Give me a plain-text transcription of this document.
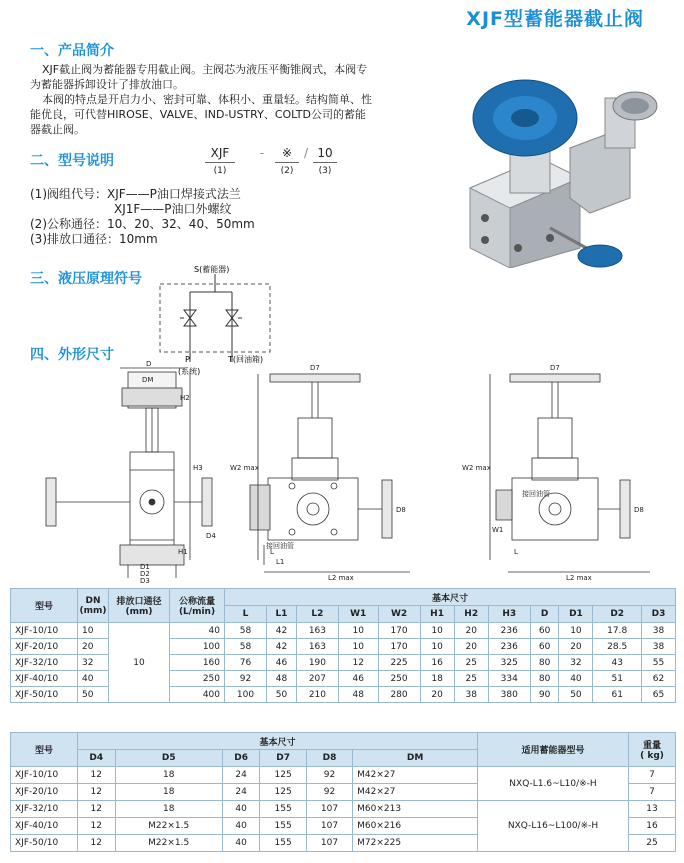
XJF型蓄能器截止阀
一、产品简介
XJF截止阀为蓄能器专用截止阀。主阀芯为液压平衡锥阀式，本阀专
为蓄能器拆卸设计了排放油口。
本阀的特点是开启力小、密封可靠、体积小、重量轻。结构简单、性
能优良，可代替HIROSE、VALVE、IND-USTRY、COLTD公司的蓄能
器截止阀。
二、型号说明	XJF	-	※ / 10
(1)	(2)	(3)
(1)阀组代号：XJF——P油口焊接式法兰
XJ1F——P油口外螺纹
(2)公称通径：10、20、32、40、50mm
(3)排放口通径：10mm
三、液压原理符号
S(蓄能器)
P
(系统)
T(回油箱)
四、外形尺寸
D
DM
H2
H3
H1
D1
D2
D3
D4
D7
W2 max
D8
L
L1
L2 max
接回油管
D7
W2 max
W1
D8
L
L2 max
接回油管
型号	DN
(mm)	排放口通径
(mm)	公称流量
(L/min)	基本尺寸											
				L	L1	L2	W1	W2	H1	H2	H3	D	D1	D2	D3
XJF-10/10	10	10	40	58	42	163	10	170	10	20	236	60	10	17.8	38
XJF-20/10	20		100	58	42	163	10	170	10	20	236	60	20	28.5	38
XJF-32/10	32		160	76	46	190	12	225	16	25	325	80	32	43	55
XJF-40/10	40		250	92	48	207	46	250	18	25	334	80	40	51	62
XJF-50/10	50		400	100	50	210	48	280	20	38	380	90	50	61	65
型号	基本尺寸						适用蓄能器型号	重量
( kg)
	D4	D5	D6	D7	D8	DM		
XJF-10/10	12	18	24	125	92	M42×27	NXQ-L1.6~L10/※-H	7
XJF-20/10	12	18	24	125	92	M42×27		7
XJF-32/10	12	18	40	155	107	M60×213	NXQ-L16~L100/※-H	13
XJF-40/10	12	M22×1.5	40	155	107	M60×216		16
XJF-50/10	12	M22×1.5	40	155	107	M72×225		25
